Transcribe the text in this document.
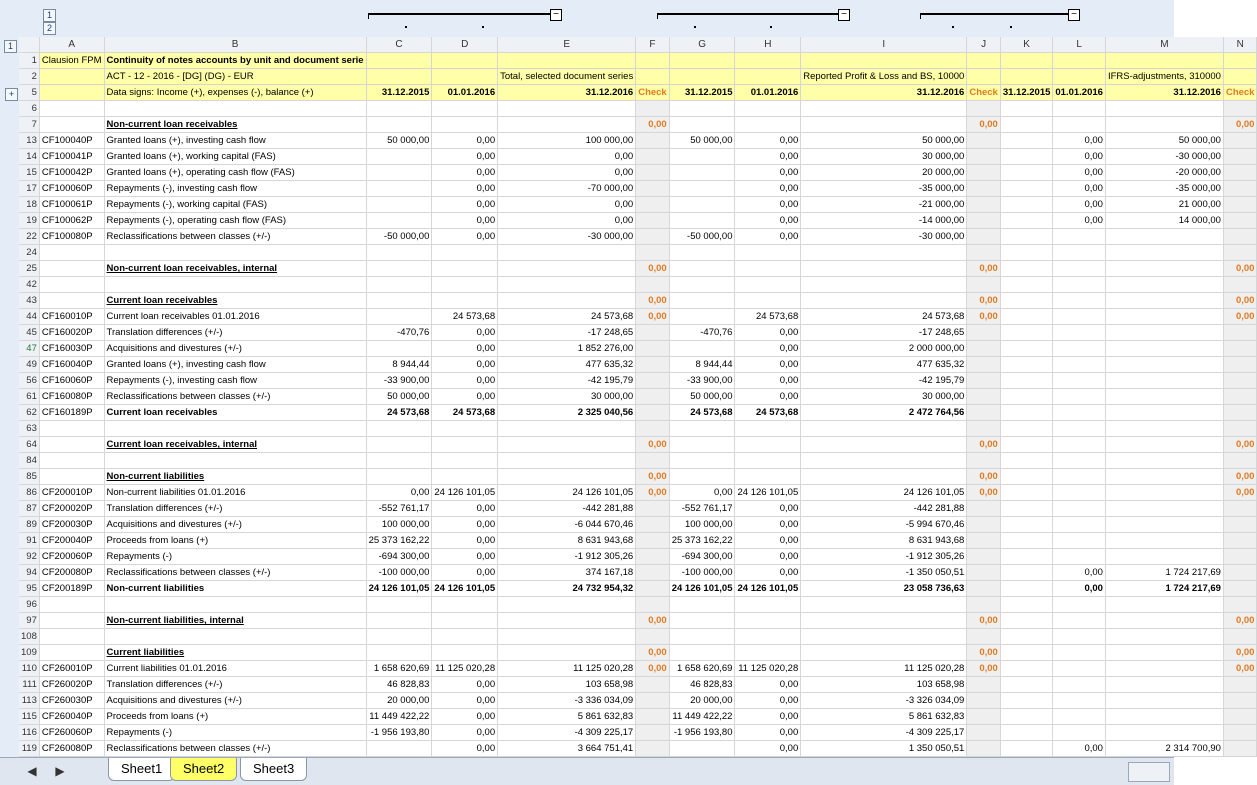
1
2
−	−	−
1
+
	A	B	C	D	E	F	G	H	I	J	K	L	M	N
1	Clausion FPM	Continuity of notes accounts by unit and document serie												
2		ACT - 12 - 2016 - [DG] (DG) - EUR			Total, selected document series				Reported Profit & Loss and BS, 10000				IFRS-adjustments, 310000	
5		Data signs: Income (+), expenses (-), balance (+)	31.12.2015	01.01.2016	31.12.2016	Check	31.12.2015	01.01.2016	31.12.2016	Check	31.12.2015	01.01.2016	31.12.2016	Check
6														
7		Non-current loan receivables				0,00				0,00				0,00
13	CF100040P	Granted loans (+), investing cash flow	50 000,00	0,00	100 000,00		50 000,00	0,00	50 000,00			0,00	50 000,00	
14	CF100041P	Granted loans (+), working capital (FAS)		0,00	0,00			0,00	30 000,00			0,00	-30 000,00	
15	CF100042P	Granted loans (+), operating cash flow (FAS)		0,00	0,00			0,00	20 000,00			0,00	-20 000,00	
17	CF100060P	Repayments (-), investing cash flow		0,00	-70 000,00			0,00	-35 000,00			0,00	-35 000,00	
18	CF100061P	Repayments (-), working capital (FAS)		0,00	0,00			0,00	-21 000,00			0,00	21 000,00	
19	CF100062P	Repayments (-), operating cash flow (FAS)		0,00	0,00			0,00	-14 000,00			0,00	14 000,00	
22	CF100080P	Reclassifications between classes (+/-)	-50 000,00	0,00	-30 000,00		-50 000,00	0,00	-30 000,00					
24														
25		Non-current loan receivables, internal				0,00				0,00				0,00
42														
43		Current loan receivables				0,00				0,00				0,00
44	CF160010P	Current loan receivables 01.01.2016		24 573,68	24 573,68	0,00		24 573,68	24 573,68	0,00				0,00
45	CF160020P	Translation differences (+/-)	-470,76	0,00	-17 248,65		-470,76	0,00	-17 248,65					
47	CF160030P	Acquisitions and divestures (+/-)		0,00	1 852 276,00			0,00	2 000 000,00					
49	CF160040P	Granted loans (+), investing cash flow	8 944,44	0,00	477 635,32		8 944,44	0,00	477 635,32					
56	CF160060P	Repayments (-), investing cash flow	-33 900,00	0,00	-42 195,79		-33 900,00	0,00	-42 195,79					
61	CF160080P	Reclassifications between classes (+/-)	50 000,00	0,00	30 000,00		50 000,00	0,00	30 000,00					
62	CF160189P	Current loan receivables	24 573,68	24 573,68	2 325 040,56		24 573,68	24 573,68	2 472 764,56					
63														
64		Current loan receivables, internal				0,00				0,00				0,00
84														
85		Non-current liabilities				0,00				0,00				0,00
86	CF200010P	Non-current liabilities 01.01.2016	0,00	24 126 101,05	24 126 101,05	0,00	0,00	24 126 101,05	24 126 101,05	0,00				0,00
87	CF200020P	Translation differences (+/-)	-552 761,17	0,00	-442 281,88		-552 761,17	0,00	-442 281,88					
89	CF200030P	Acquisitions and divestures (+/-)	100 000,00	0,00	-6 044 670,46		100 000,00	0,00	-5 994 670,46					
91	CF200040P	Proceeds from loans (+)	25 373 162,22	0,00	8 631 943,68		25 373 162,22	0,00	8 631 943,68					
92	CF200060P	Repayments (-)	-694 300,00	0,00	-1 912 305,26		-694 300,00	0,00	-1 912 305,26					
94	CF200080P	Reclassifications between classes (+/-)	-100 000,00	0,00	374 167,18		-100 000,00	0,00	-1 350 050,51			0,00	1 724 217,69	
95	CF200189P	Non-current liabilities	24 126 101,05	24 126 101,05	24 732 954,32		24 126 101,05	24 126 101,05	23 058 736,63			0,00	1 724 217,69	
96														
97		Non-current liabilities, internal				0,00				0,00				0,00
108														
109		Current liabilities				0,00				0,00				0,00
110	CF260010P	Current liabilities 01.01.2016	1 658 620,69	11 125 020,28	11 125 020,28	0,00	1 658 620,69	11 125 020,28	11 125 020,28	0,00				0,00
111	CF260020P	Translation differences (+/-)	46 828,83	0,00	103 658,98		46 828,83	0,00	103 658,98					
113	CF260030P	Acquisitions and divestures (+/-)	20 000,00	0,00	-3 336 034,09		20 000,00	0,00	-3 326 034,09					
115	CF260040P	Proceeds from loans (+)	11 449 422,22	0,00	5 861 632,83		11 449 422,22	0,00	5 861 632,83					
116	CF260060P	Repayments (-)	-1 956 193,80	0,00	-4 309 225,17		-1 956 193,80	0,00	-4 309 225,17					
119	CF260080P	Reclassifications between classes (+/-)		0,00	3 664 751,41			0,00	1 350 050,51			0,00	2 314 700,90	
◀	▶	Sheet1	Sheet2	Sheet3
